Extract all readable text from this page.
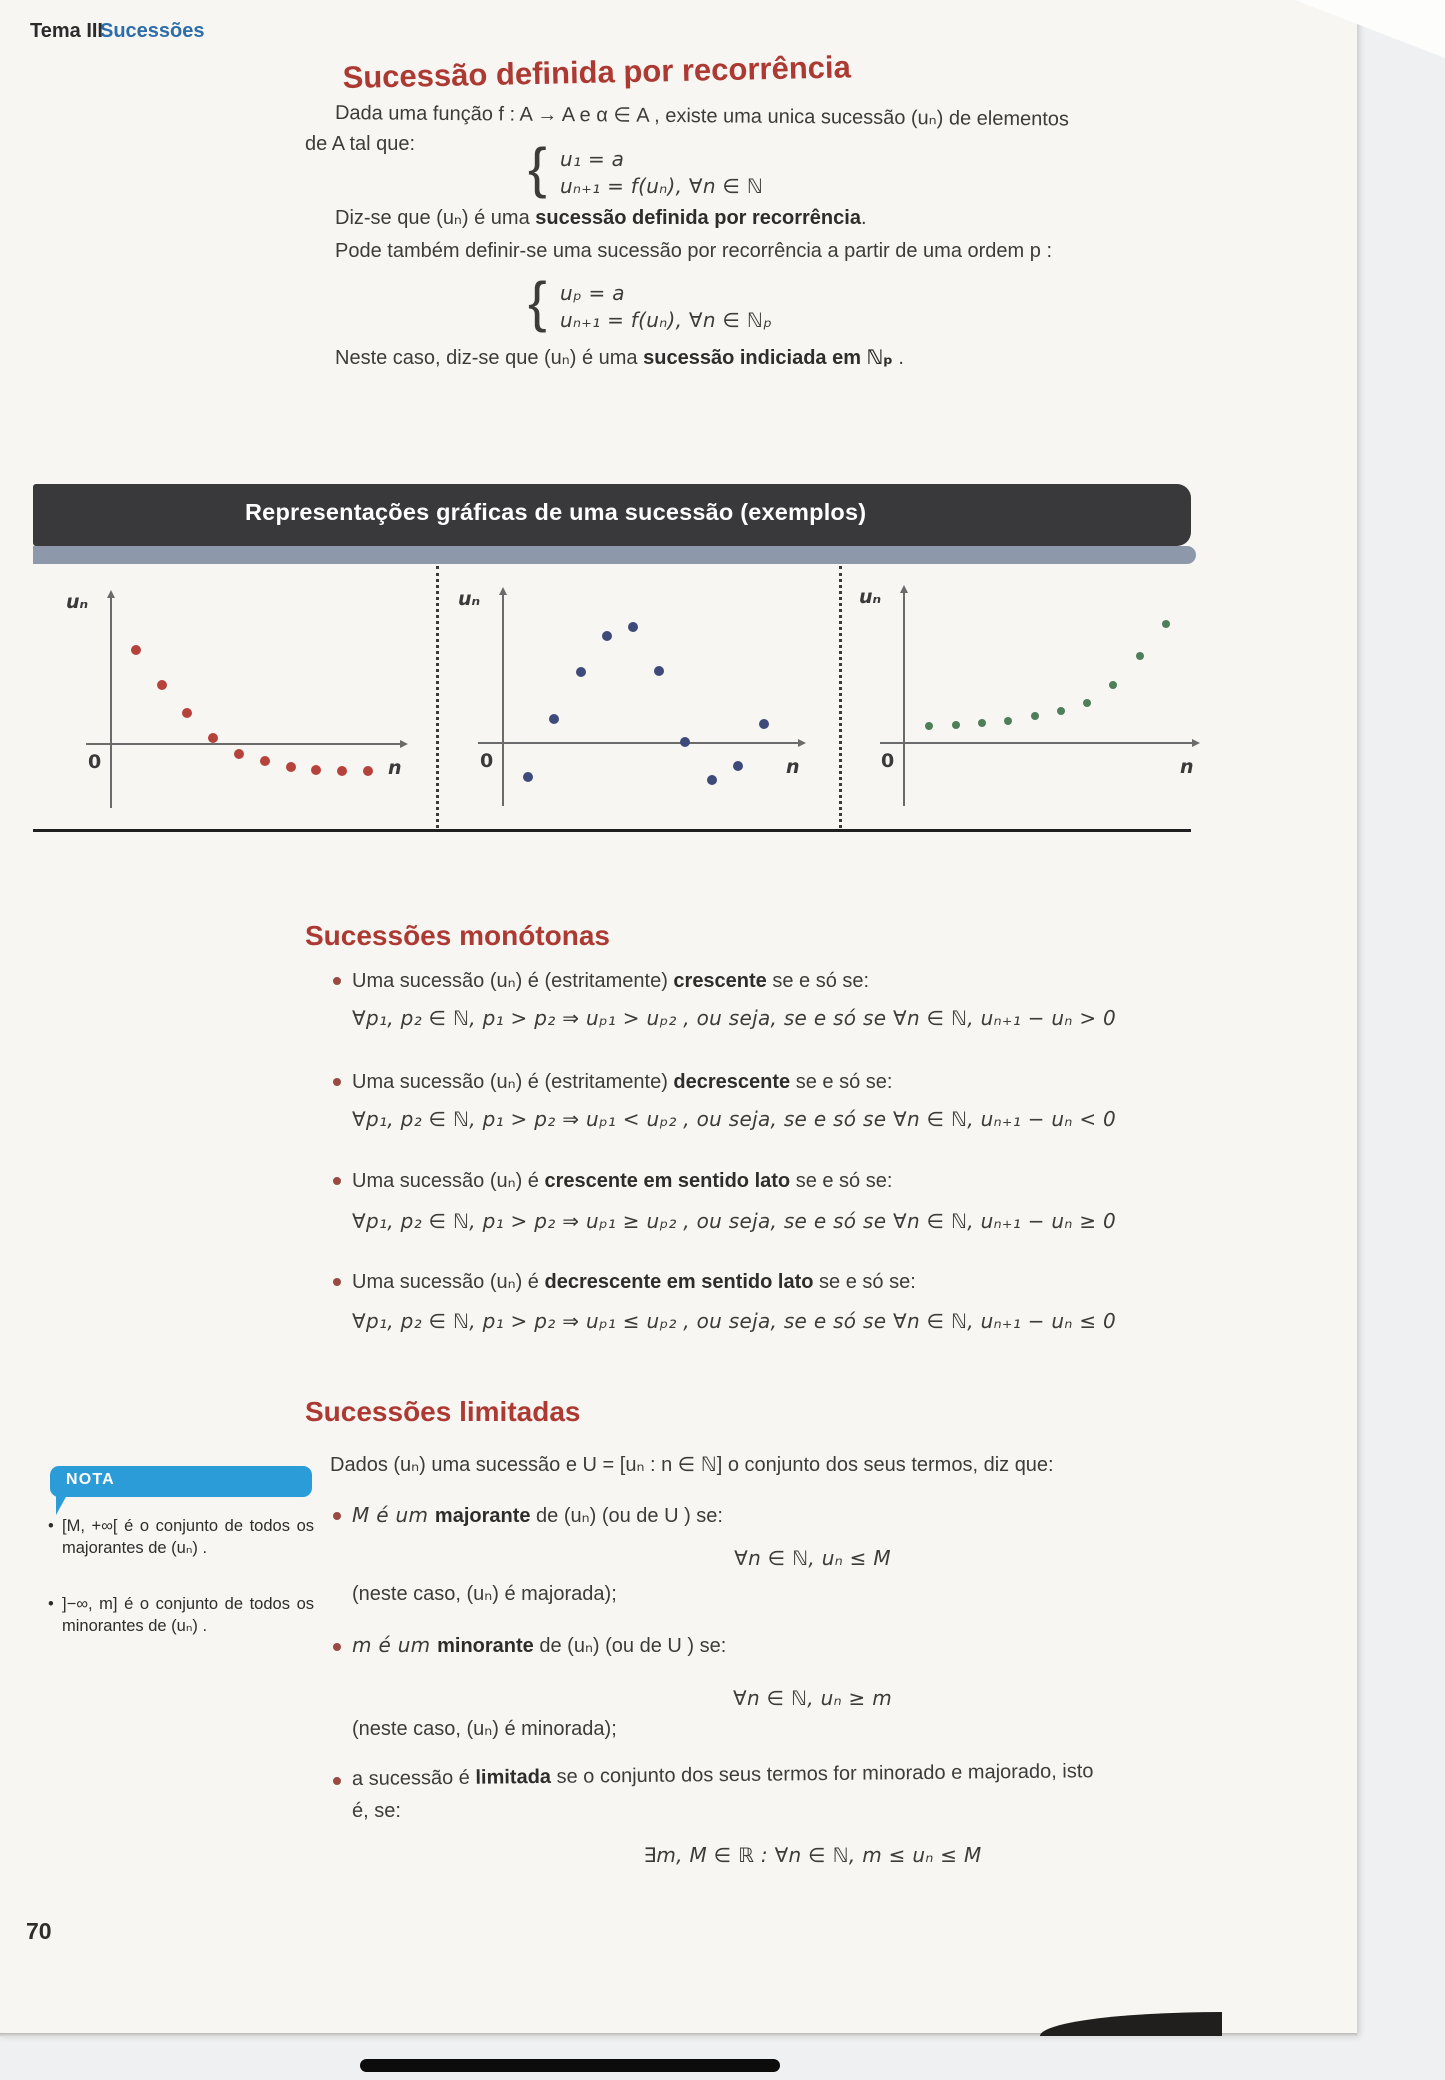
Tema III
Sucessões
Sucessão definida por recorrência
Dada uma função f : A → A e α ∈ A , existe uma unica sucessão (uₙ) de elementos
de A tal que: { u₁ = a
uₙ₊₁ = f(uₙ), ∀n ∈ ℕ
Diz-se que (uₙ) é uma sucessão definida por recorrência.
Pode também definir-se uma sucessão por recorrência a partir de uma ordem p :
{ uₚ = a
uₙ₊₁ = f(uₙ), ∀n ∈ ℕₚ
Neste caso, diz-se que (uₙ) é uma sucessão indiciada em ℕₚ .
Representações gráficas de uma sucessão (exemplos)
uₙ
0	n
uₙ
0	n
uₙ
0	n
Sucessões monótonas
Uma sucessão (uₙ) é (estritamente) crescente se e só se:
∀p₁, p₂ ∈ ℕ, p₁ > p₂ ⇒ uₚ₁ > uₚ₂ , ou seja, se e só se ∀n ∈ ℕ, uₙ₊₁ − uₙ > 0
Uma sucessão (uₙ) é (estritamente) decrescente se e só se:
∀p₁, p₂ ∈ ℕ, p₁ > p₂ ⇒ uₚ₁ < uₚ₂ , ou seja, se e só se ∀n ∈ ℕ, uₙ₊₁ − uₙ < 0
Uma sucessão (uₙ) é crescente em sentido lato se e só se:
∀p₁, p₂ ∈ ℕ, p₁ > p₂ ⇒ uₚ₁ ≥ uₚ₂ , ou seja, se e só se ∀n ∈ ℕ, uₙ₊₁ − uₙ ≥ 0
Uma sucessão (uₙ) é decrescente em sentido lato se e só se:
∀p₁, p₂ ∈ ℕ, p₁ > p₂ ⇒ uₚ₁ ≤ uₚ₂ , ou seja, se e só se ∀n ∈ ℕ, uₙ₊₁ − uₙ ≤ 0
Sucessões limitadas
Dados (uₙ) uma sucessão e U = [uₙ : n ∈ ℕ] o conjunto dos seus termos, diz que:
M é um majorante de (uₙ) (ou de U ) se:
∀n ∈ ℕ, uₙ ≤ M
(neste caso, (uₙ) é majorada);
m é um minorante de (uₙ) (ou de U ) se:
∀n ∈ ℕ, uₙ ≥ m
(neste caso, (uₙ) é minorada);
a sucessão é limitada se o conjunto dos seus termos for minorado e majorado, isto
é, se:
∃m, M ∈ ℝ : ∀n ∈ ℕ, m ≤ uₙ ≤ M
NOTA
• [M, +∞[ é o conjunto de todos os majorantes de (uₙ) .
• ]−∞, m] é o conjunto de todos os minorantes de (uₙ) .
70
